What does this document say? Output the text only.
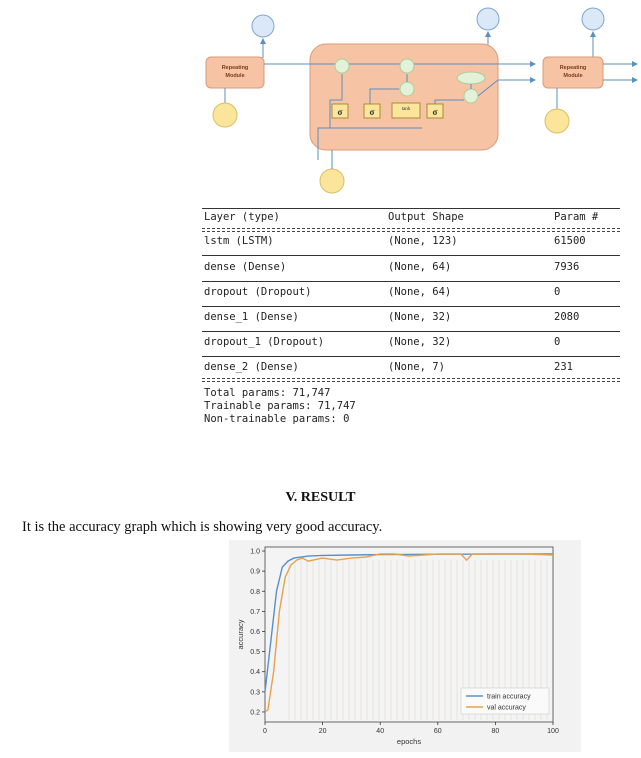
Repeating
Module
Repeating
Module
σ	σ	tanh σ
Layer (type)	Output Shape	Param #
lstm (LSTM)	(None, 123)	61500
dense (Dense)	(None, 64)	7936
dropout (Dropout)	(None, 64)	0
dense_1 (Dense)	(None, 32)	2080
dropout_1 (Dropout)	(None, 32)	0
dense_2 (Dense)	(None, 7)	231
Total params: 71,747
Trainable params: 71,747
Non-trainable params: 0
V. RESULT
It is the accuracy graph which is showing very good accuracy.
0.2
0.3
0.4
0.5
0.6
0.7
0.8
0.9
1.0
0	20	40	60	80	100
epochs
accuracy
train accuracy
val accuracy
